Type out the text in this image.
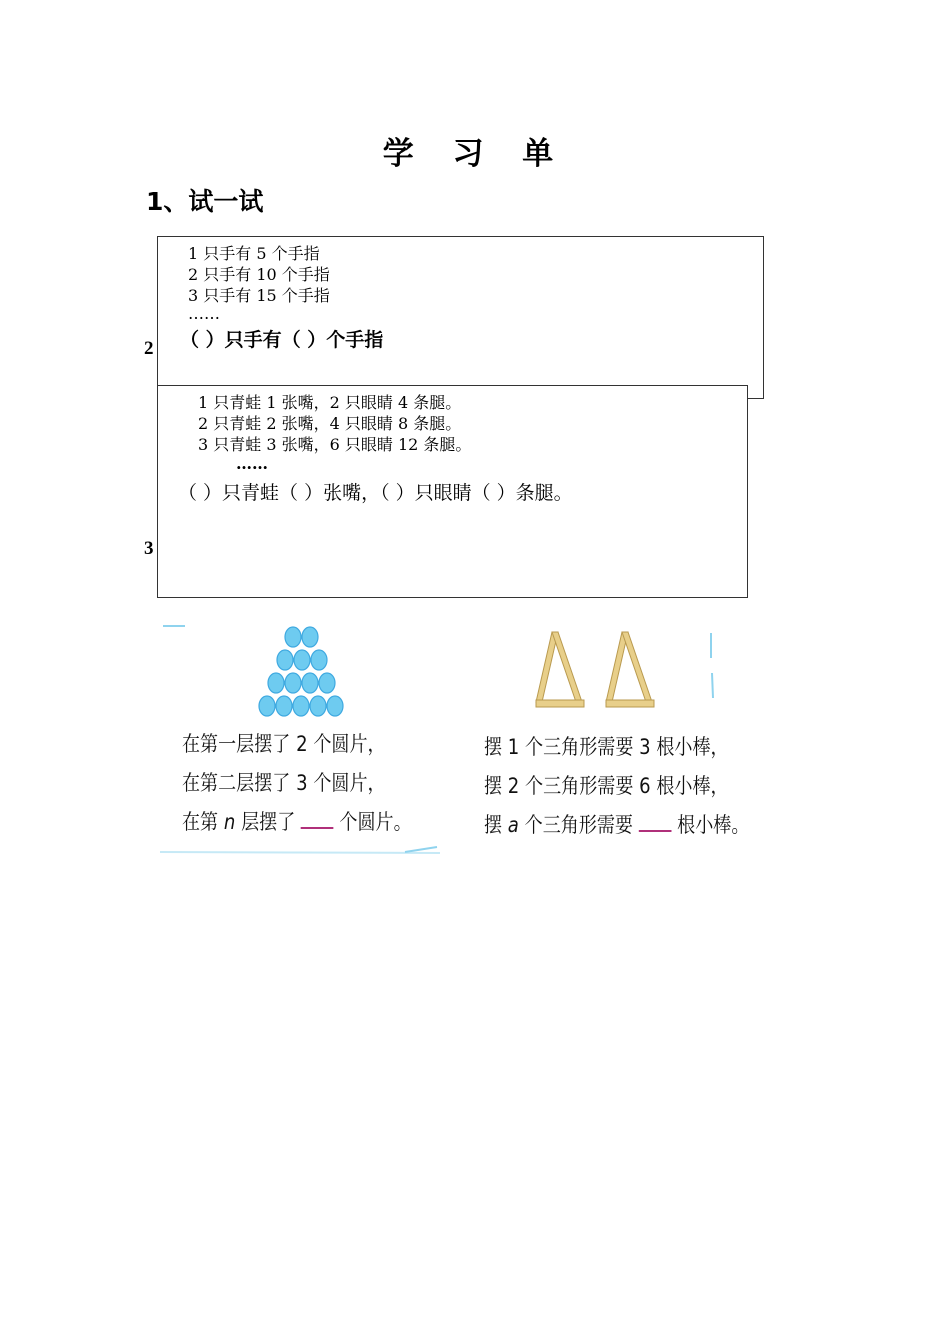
学 习 单
1、试一试
2
1 只手有 5 个手指
2 只手有 10 个手指
3 只手有 15 个手指
……
（ ）只手有（ ）个手指
3
1 只青蛙 1 张嘴，2 只眼睛 4 条腿。
2 只青蛙 2 张嘴，4 只眼睛 8 条腿。
3 只青蛙 3 张嘴，6 只眼睛 12 条腿。
……
（ ）只青蛙（ ）张嘴，（ ）只眼睛（ ）条腿。
在第一层摆了 2 个圆片，
在第二层摆了 3 个圆片，
在第 n 层摆了 个圆片。
摆 1 个三角形需要 3 根小棒，
摆 2 个三角形需要 6 根小棒，
摆 a 个三角形需要 根小棒。
